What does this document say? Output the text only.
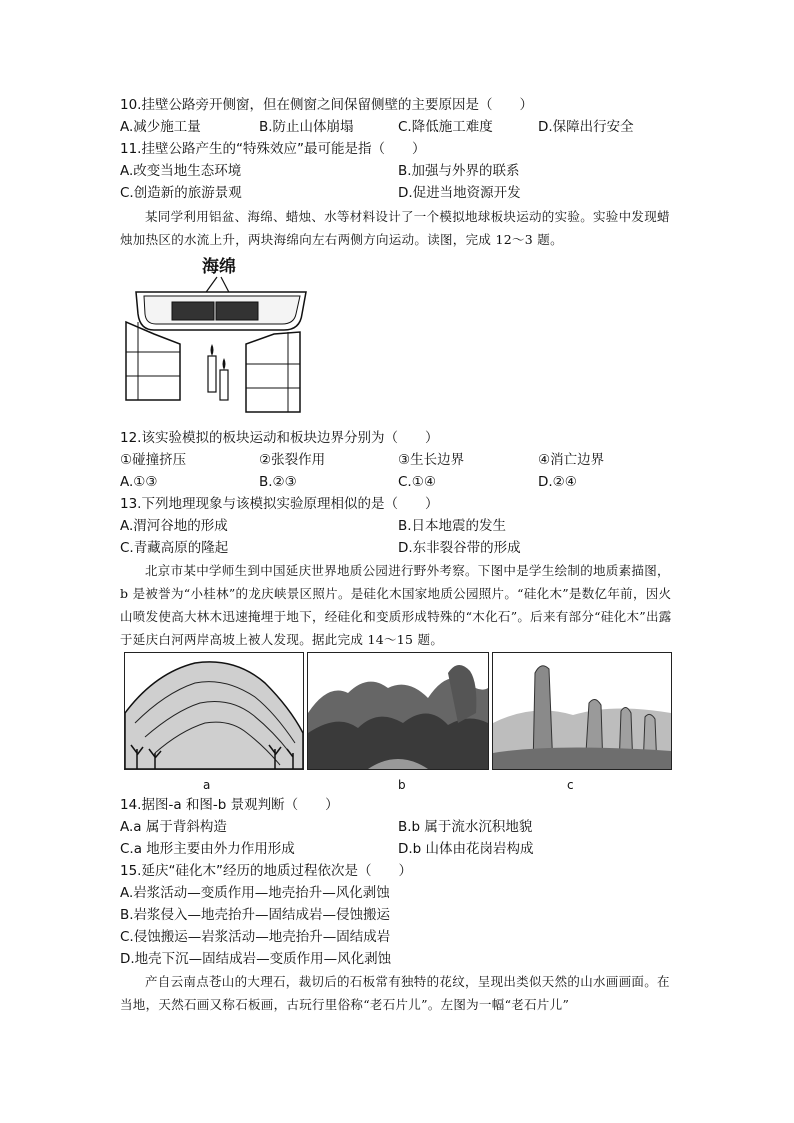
10.挂壁公路旁开侧窗，但在侧窗之间保留侧壁的主要原因是（　　）
A.减少施工量	B.防止山体崩塌	C.降低施工难度	D.保障出行安全
11.挂壁公路产生的“特殊效应”最可能是指（　　）
A.改变当地生态环境	B.加强与外界的联系
C.创造新的旅游景观	D.促进当地资源开发
某同学利用铝盆、海绵、蜡烛、水等材料设计了一个模拟地球板块运动的实验。实验中发现蜡烛加热区的水流上升，两块海绵向左右两侧方向运动。读图，完成 12～3 题。
海绵
12.该实验模拟的板块运动和板块边界分别为（　　）
①碰撞挤压	②张裂作用	③生长边界	④消亡边界
A.①③	B.②③	C.①④	D.②④
13.下列地理现象与该模拟实验原理相似的是（　　）
A.渭河谷地的形成	B.日本地震的发生
C.青藏高原的隆起	D.东非裂谷带的形成
北京市某中学师生到中国延庆世界地质公园进行野外考察。下图中是学生绘制的地质素描图，b 是被誉为“小桂林”的龙庆峡景区照片。是硅化木国家地质公园照片。“硅化木”是数亿年前，因火山喷发使高大林木迅速掩埋于地下，经硅化和变质形成特殊的“木化石”。后来有部分“硅化木”出露于延庆白河两岸高坡上被人发现。据此完成 14～15 题。
a	b	c
14.据图-a 和图-b 景观判断（　　）
A.a 属于背斜构造	B.b 属于流水沉积地貌
C.a 地形主要由外力作用形成	D.b 山体由花岗岩构成
15.延庆“硅化木”经历的地质过程依次是（　　）
A.岩浆活动—变质作用—地壳抬升—风化剥蚀
B.岩浆侵入—地壳抬升—固结成岩—侵蚀搬运
C.侵蚀搬运—岩浆活动—地壳抬升—固结成岩
D.地壳下沉—固结成岩—变质作用—风化剥蚀
产自云南点苍山的大理石，裁切后的石板常有独特的花纹，呈现出类似天然的山水画画面。在当地，天然石画又称石板画，古玩行里俗称“老石片儿”。左图为一幅“老石片儿”
